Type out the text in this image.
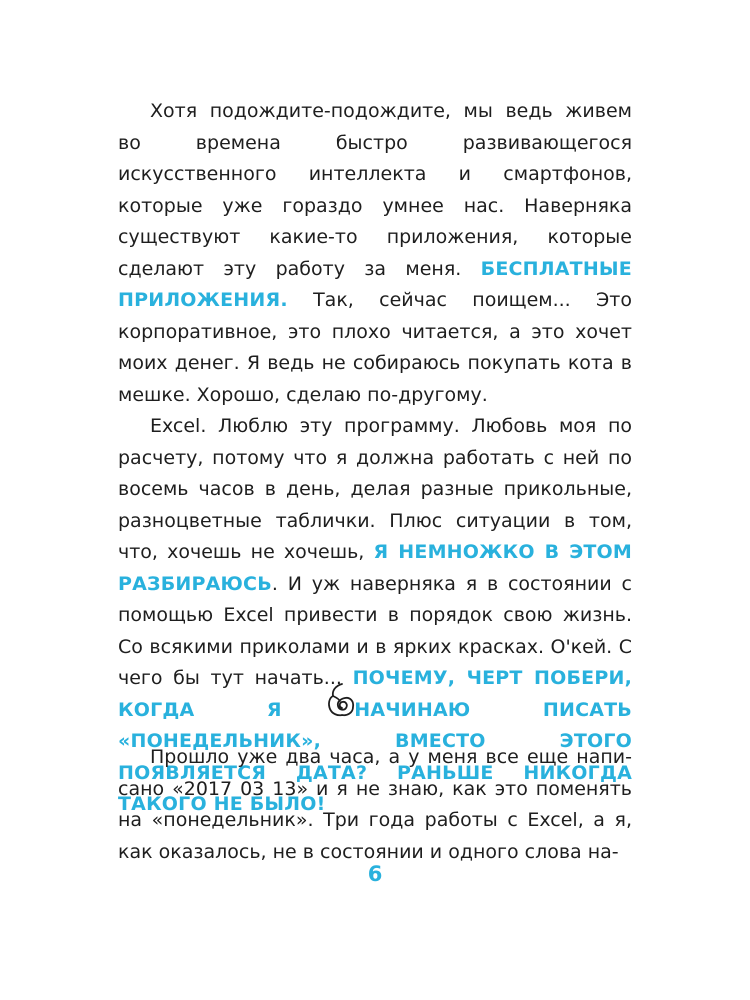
Хотя подождите-подождите, мы ведь живем во времена быстро развивающегося искусственного интеллекта и смартфонов, которые уже гораздо умнее нас. Наверняка существуют какие-то приложения, которые сделают эту работу за меня. БЕСПЛАТНЫЕ ПРИЛОЖЕНИЯ. Так, сейчас поищем... Это корпоративное, это плохо читается, а это хочет моих денег. Я ведь не собираюсь покупать кота в мешке. Хорошо, сделаю по-другому.

Excel. Люблю эту программу. Любовь моя по расчету, потому что я должна работать с ней по восемь часов в день, делая разные прикольные, разноцветные таблички. Плюс ситуации в том, что, хочешь не хочешь, Я НЕМНОЖКО В ЭТОМ РАЗБИРАЮСЬ. И уж наверняка я в состоянии с помощью Excel привести в порядок свою жизнь. Со всякими приколами и в ярких красках. О'кей. С чего бы тут начать... ПОЧЕМУ, ЧЕРТ ПОБЕРИ, КОГДА Я НАЧИНАЮ ПИСАТЬ «ПОНЕДЕЛЬНИК», ВМЕСТО ЭТОГО ПОЯВЛЯЕТСЯ ДАТА? РАНЬШЕ НИКОГДА ТАКОГО НЕ БЫЛО!

Прошло уже два часа, а у меня все еще написано «2017 03 13» и я не знаю, как это поменять на «понедельник». Три года работы с Excel, а я, как оказалось, не в состоянии и одного слова на-

6
